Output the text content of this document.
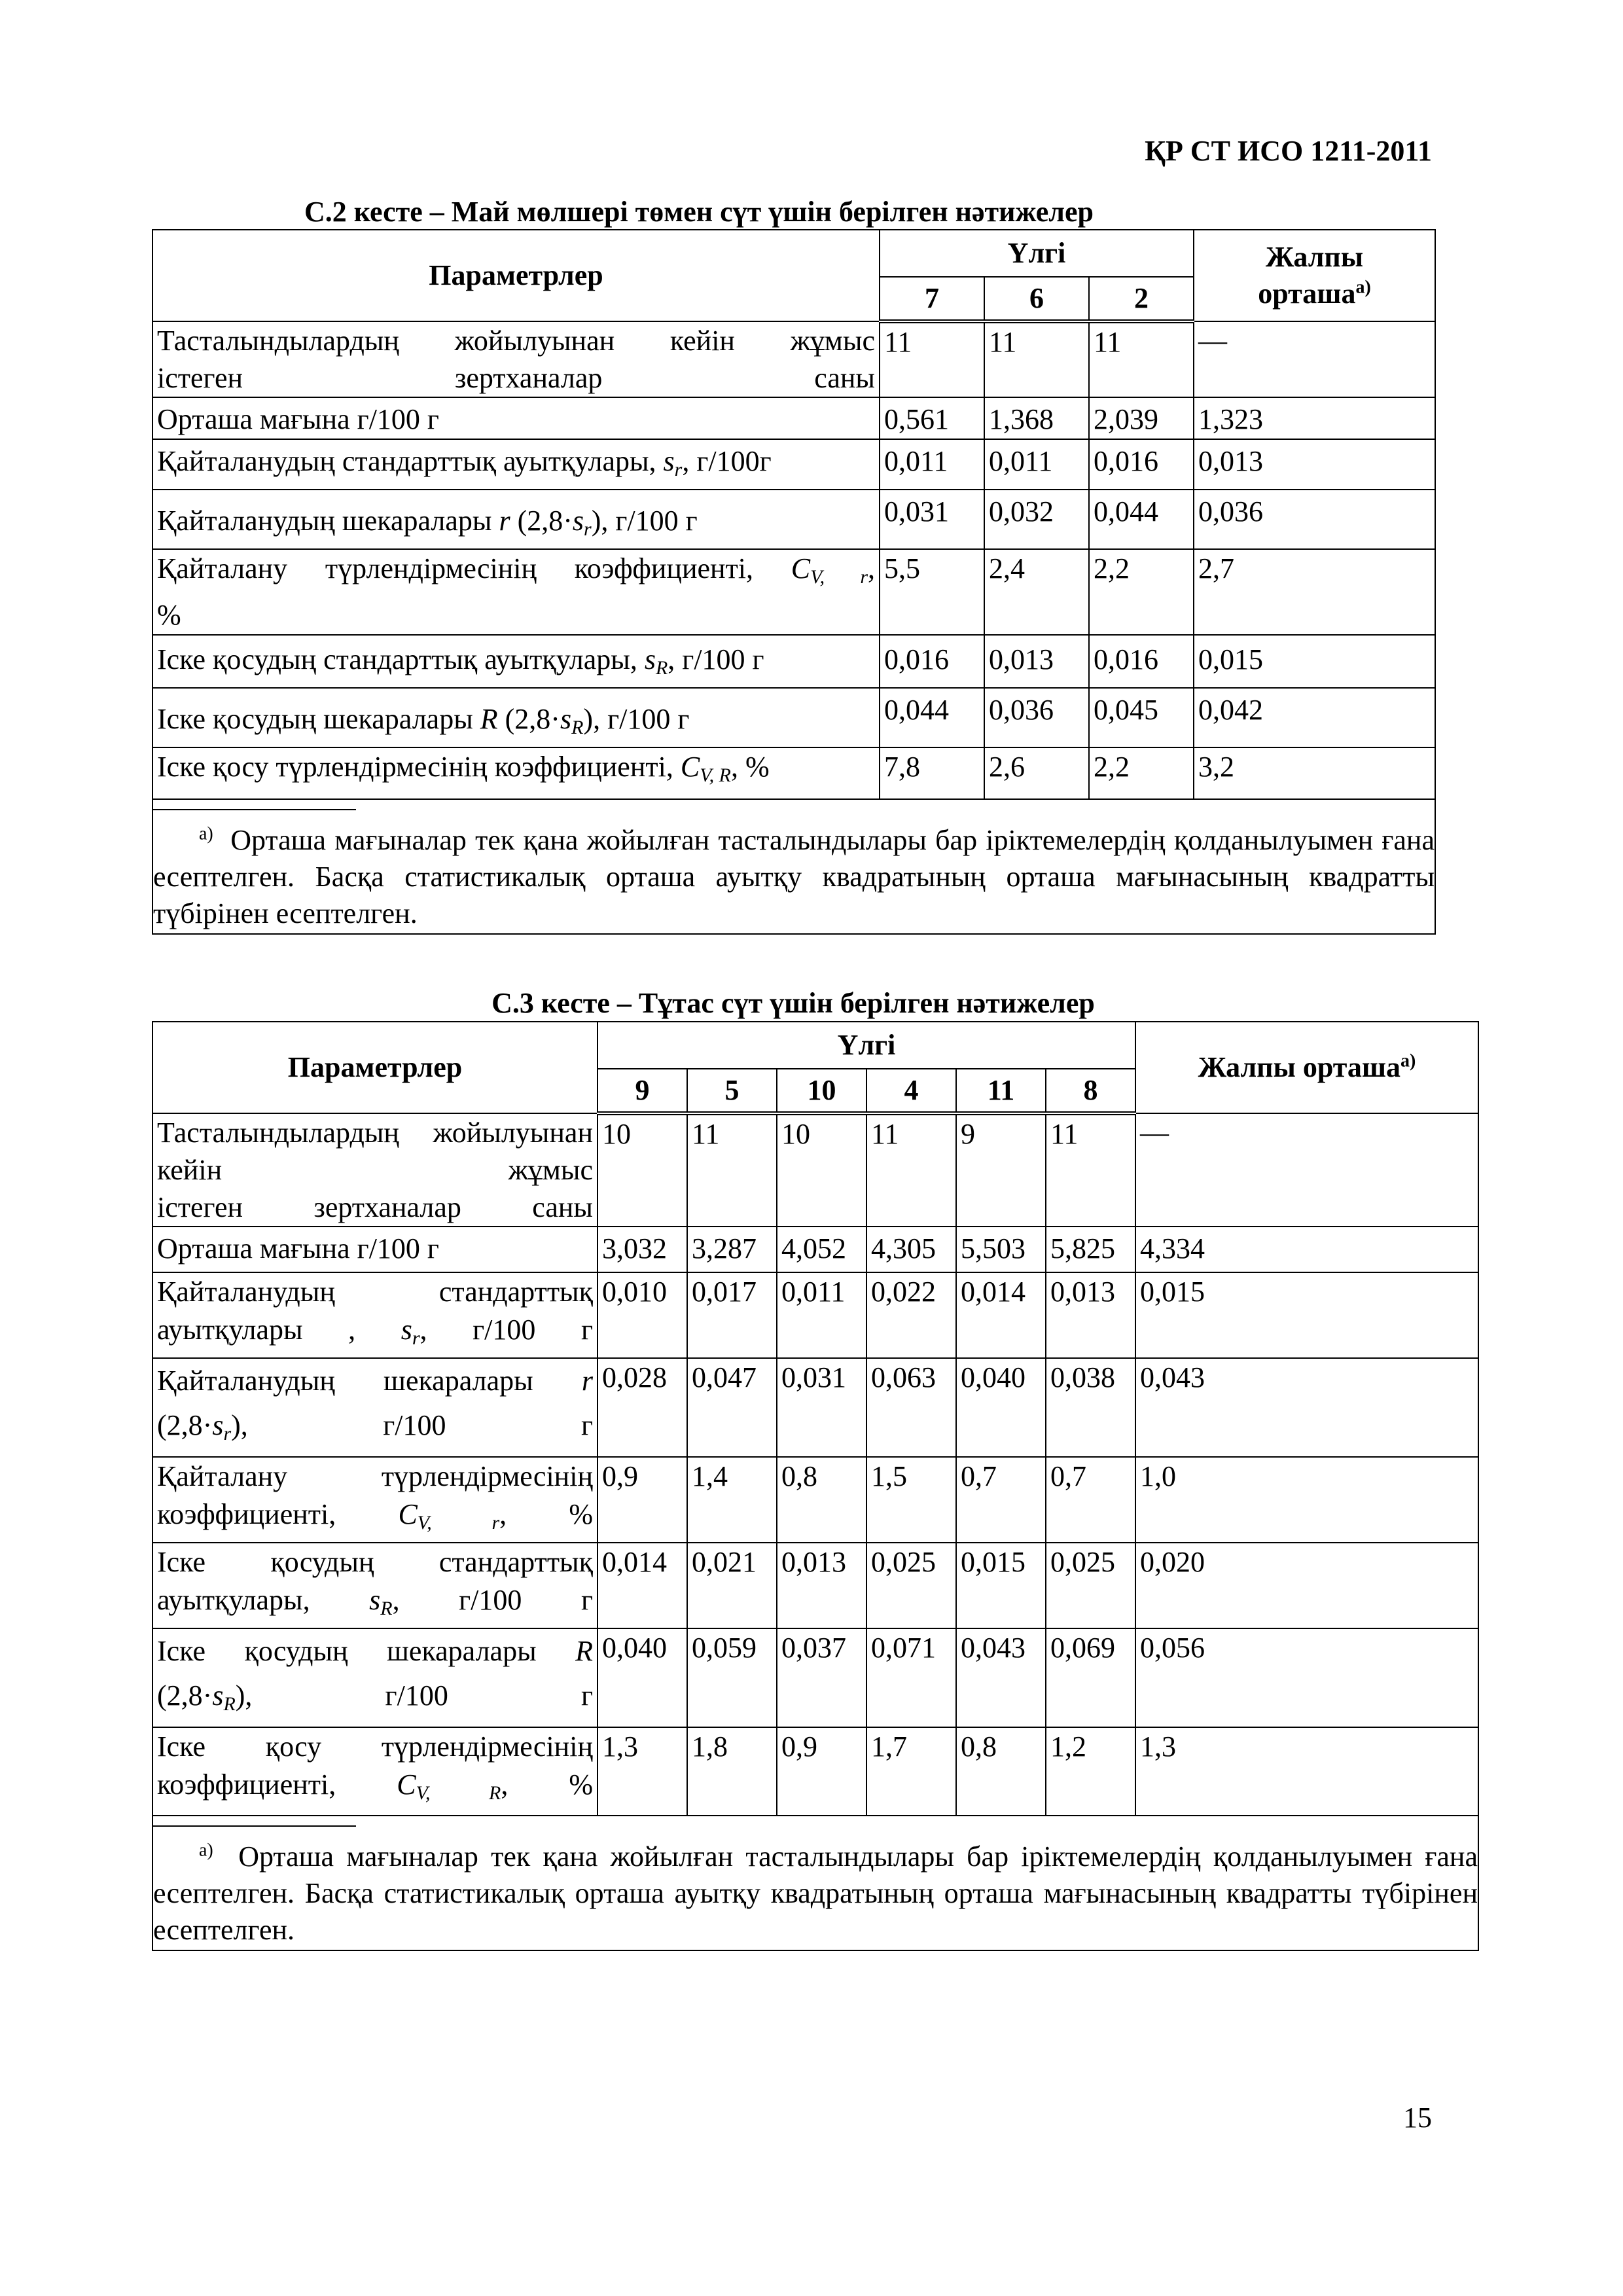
ҚР СТ ИСО 1211-2011
С.2 кесте – Май мөлшері төмен сүт үшін берілген нәтижелер
Параметрлер	Үлгі			Жалпы
орташа$^{а)}$
	7	6	2	
Тасталындылардың жойылуынан кейін жұмыс
істеген зертханалар саны	11	11	11	—
Орташа мағына г/100 г	0,561	1,368	2,039	1,323
Қайталанудың стандарттық ауытқулары, $s_r$, г/100г	0,011	0,011	0,016	0,013
Қайталанудың шекаралары r $(2,8\cdot s_r)$, г/100 г	0,031	0,032	0,044	0,036
Қайталану түрлендірмесінің коэффициенті, $C_{V, r}$,
%	5,5	2,4	2,2	2,7
Іске қосудың стандарттық ауытқулары, $s_R$, г/100 г	0,016	0,013	0,016	0,015
Іске қосудың шекаралары R $(2,8\cdot s_R)$, г/100 г	0,044	0,036	0,045	0,042
Іске қосу түрлендірмесінің коэффициенті, $C_{V, R}$, %	7,8	2,6	2,2	3,2

$^{а)}$ Орташа мағыналар тек қана жойылған тасталындылары бар іріктемелердің қолданылуымен ғана есептелген. Басқа статистикалық орташа ауытқу квадратының орташа мағынасының квадратты түбірінен есептелген.				
С.3 кесте – Тұтас сүт үшін берілген нәтижелер
Параметрлер	Үлгі						Жалпы орташа$^{а)}$
	9	5	10	4	11	8	
Тасталындылардың жойылуынан кейін жұмыс
істеген зертханалар саны	10	11	10	11	9	11	—
Орташа мағына г/100 г	3,032	3,287	4,052	4,305	5,503	5,825	4,334
Қайталанудың стандарттық
ауытқулары , $s_r$, г/100 г	0,010	0,017	0,011	0,022	0,014	0,013	0,015
Қайталанудың шекаралары r
$(2,8\cdot s_r)$, г/100 г	0,028	0,047	0,031	0,063	0,040	0,038	0,043
Қайталану түрлендірмесінің
коэффициенті, $C_{V, r}$, %	0,9	1,4	0,8	1,5	0,7	0,7	1,0
Іске қосудың стандарттық
ауытқулары, $s_R$, г/100 г	0,014	0,021	0,013	0,025	0,015	0,025	0,020
Іске қосудың шекаралары R
$(2,8\cdot s_R)$, г/100 г	0,040	0,059	0,037	0,071	0,043	0,069	0,056
Іске қосу түрлендірмесінің
коэффициенті, $C_{V, R}$, %	1,3	1,8	0,9	1,7	0,8	1,2	1,3

$^{а)}$ Орташа мағыналар тек қана жойылған тасталындылары бар іріктемелердің қолданылуымен ғана есептелген. Басқа статистикалық орташа ауытқу квадратының орташа мағынасының квадратты түбірінен есептелген.							
15
